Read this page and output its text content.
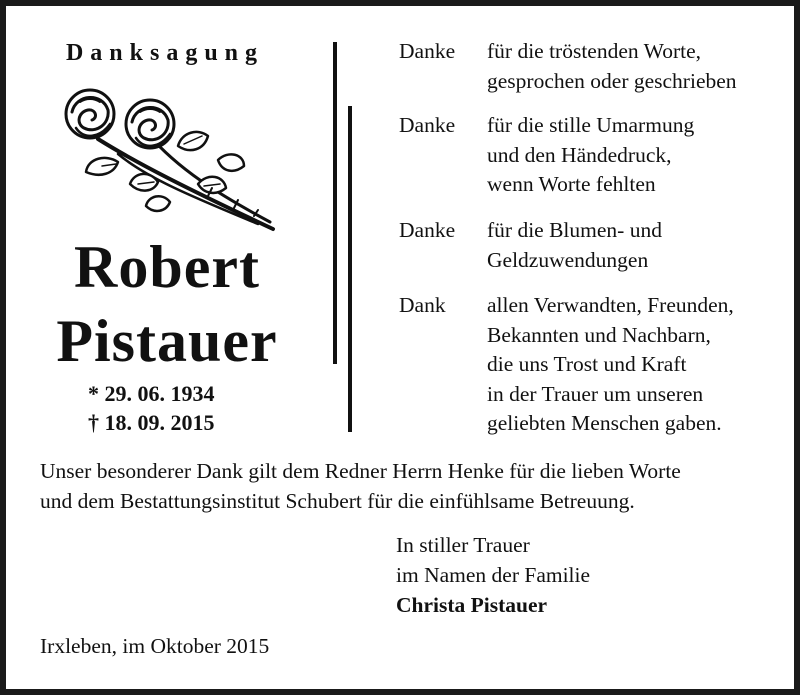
Danksagung
Robert
Pistauer
* 29. 06. 1934
† 18. 09. 2015
Danke für die tröstenden Worte,
gesprochen oder geschrieben
Danke für die stille Umarmung
und den Händedruck,
wenn Worte fehlten
Danke für die Blumen- und
Geldzuwendungen
Dank allen Verwandten, Freunden,
Bekannten und Nachbarn,
die uns Trost und Kraft
in der Trauer um unseren
geliebten Menschen gaben.
Unser besonderer Dank gilt dem Redner Herrn Henke für die lieben Worte
und dem Bestattungsinstitut Schubert für die einfühlsame Betreuung.
In stiller Trauer
im Namen der Familie
Christa Pistauer
Irxleben, im Oktober 2015
